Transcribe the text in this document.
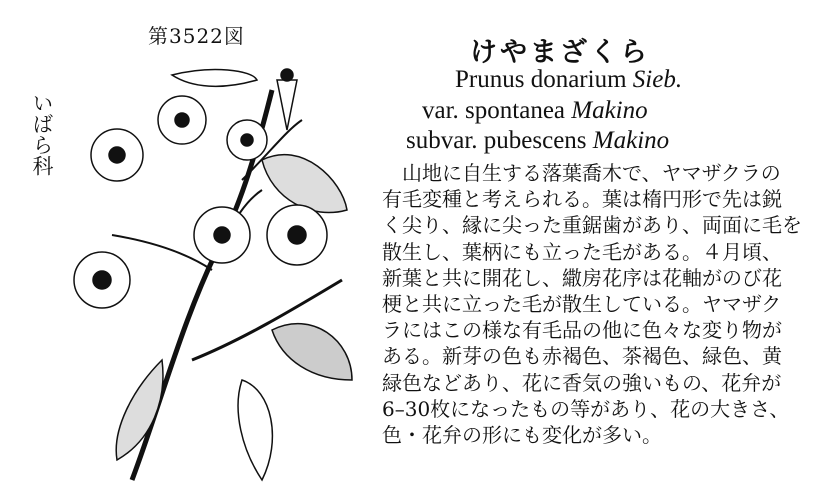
第3522図
いばら科
けやまざくら
Prunus donarium Sieb.
var. spontanea Makino
subvar. pubescens Makino
　山地に自生する落葉喬木で、ヤマザクラの
有毛変種と考えられる。葉は楕円形で先は鋭
く尖り、縁に尖った重鋸歯があり、両面に毛を
散生し、葉柄にも立った毛がある。４月頃、
新葉と共に開花し、繖房花序は花軸がのび花
梗と共に立った毛が散生している。ヤマザク
ラにはこの様な有毛品の他に色々な変り物が
ある。新芽の色も赤褐色、茶褐色、緑色、黄
緑色などあり、花に香気の強いもの、花弁が
6–30枚になったもの等があり、花の大きさ、
色・花弁の形にも変化が多い。
